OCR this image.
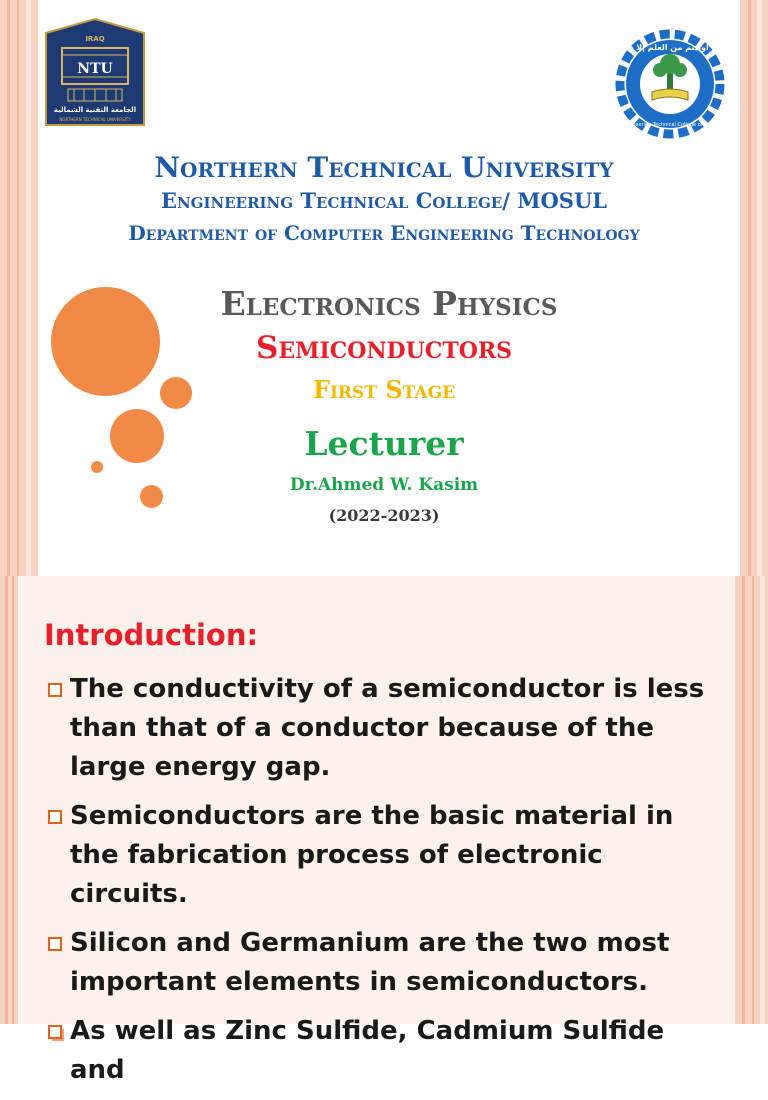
IRAQ
NTU
الجامعة التقنية الشمالية
NORTHERN TECHNICAL UNIVERSITY
وما أوتيتم من العلم إلا قليلا
Engineering Technical College of Mosul
Northern Technical University
Engineering Technical College/ MOSUL
Department of Computer Engineering Technology
Electronics Physics
Semiconductors
First Stage
Lecturer
Dr.Ahmed W. Kasim
(2022-2023)
Introduction:
The conductivity of a semiconductor is less than that of a conductor because of the large energy gap.
Semiconductors are the basic material in the fabrication process of electronic circuits.
Silicon and Germanium are the two most important elements in semiconductors.
As well as Zinc Sulfide, Cadmium Sulfide and
